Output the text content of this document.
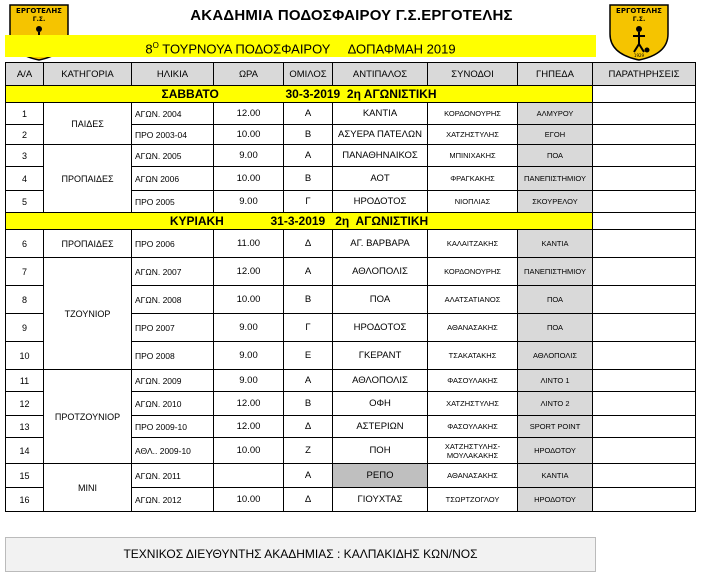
ΑΚΑΔΗΜΙΑ ΠΟΔΟΣΦΑΙΡΟΥ Γ.Σ.ΕΡΓΟΤΕΛΗΣ
ΕΡΓΟΤΕΛΗΣ
Γ.Σ.
ΕΡΓΟΤΕΛΗΣ
Γ.Σ.
1929
$8^O$ ΤΟΥΡΝΟΥΑ ΠΟΔΟΣΦΑΙΡΟΥ     ΔΟΠΑΦΜΑΗ 2019
Α/Α	ΚΑΤΗΓΟΡΙΑ	ΗΛΙΚΙΑ	ΩΡΑ	ΟΜΙΛΟΣ	ΑΝΤΙΠΑΛΟΣ	ΣΥΝΟΔΟΙ	ΓΗΠΕΔΑ	ΠΑΡΑΤΗΡΗΣΕΙΣ
ΣΑΒΒΑΤΟ                    30-3-2019  2η ΑΓΩΝΙΣΤΙΚΗ								
1	ΠΑΙΔΕΣ	ΑΓΩΝ. 2004	12.00	Α	ΚΑΝΤΙΑ	ΚΟΡΔΟΝΟΥΡΗΣ	ΑΛΜΥΡΟΥ	
2		ΠΡΟ 2003-04	10.00	Β	ΑΣΥΕΡΑ ΠΑΤΕΛΩΝ	ΧΑΤΖΗΣΤΥΛΗΣ	ΕΓΟΗ	
3	ΠΡΟΠΑΙΔΕΣ	ΑΓΩΝ. 2005	9.00	Α	ΠΑΝΑΘΗΝΑΙΚΟΣ	ΜΠΙΝΙΧΑΚΗΣ	ΠΟΑ	
4		ΑΓΩΝ 2006	10.00	Β	ΑΟΤ	ΦΡΑΓΚΑΚΗΣ	ΠΑΝΕΠΙΣΤΗΜΙΟΥ	
5		ΠΡΟ 2005	9.00	Γ	ΗΡΟΔΟΤΟΣ	ΝΙΟΠΛΙΑΣ	ΣΚΟΥΡΕΛΟΥ	
ΚΥΡΙΑΚΗ              31-3-2019   2η  ΑΓΩΝΙΣΤΙΚΗ								
6	ΠΡΟΠΑΙΔΕΣ	ΠΡΟ 2006	11.00	Δ	ΑΓ. ΒΑΡΒΑΡΑ	ΚΑΛΑΙΤΖΑΚΗΣ	ΚΑΝΤΙΑ	
7	ΤΖΟΥΝΙΟΡ	ΑΓΩΝ. 2007	12.00	Α	ΑΘΛΟΠΟΛΙΣ	ΚΟΡΔΟΝΟΥΡΗΣ	ΠΑΝΕΠΙΣΤΗΜΙΟΥ	
8		ΑΓΩΝ. 2008	10.00	Β	ΠΟΑ	ΑΛΑΤΣΑΤΙΑΝΟΣ	ΠΟΑ	
9		ΠΡΟ 2007	9.00	Γ	ΗΡΟΔΟΤΟΣ	ΑΘΑΝΑΣΑΚΗΣ	ΠΟΑ	
10		ΠΡΟ 2008	9.00	Ε	ΓΚΕΡΑΝΤ	ΤΣΑΚΑΤΑΚΗΣ	ΑΘΛΟΠΟΛΙΣ	
11	ΠΡΟΤΖΟΥΝΙΟΡ	ΑΓΩΝ. 2009	9.00	Α	ΑΘΛΟΠΟΛΙΣ	ΦΑΣΟΥΛΑΚΗΣ	ΛΙΝΤΟ 1	
12		ΑΓΩΝ. 2010	12.00	Β	ΟΦΗ	ΧΑΤΖΗΣΤΥΛΗΣ	ΛΙΝΤΟ 2	
13		ΠΡΟ 2009-10	12.00	Δ	ΑΣΤΕΡΙΩΝ	ΦΑΣΟΥΛΑΚΗΣ	SPORT POINT	
14		ΑΘΛ.. 2009-10	10.00	Ζ	ΠΟΗ	ΧΑΤΖΗΣΤΥΛΗΣ-ΜΟΥΛΑΚΑΚΗΣ	ΗΡΟΔΟΤΟΥ	
15	ΜΙΝΙ	ΑΓΩΝ. 2011		Α	ΡΕΠΟ	ΑΘΑΝΑΣΑΚΗΣ	ΚΑΝΤΙΑ	
16		ΑΓΩΝ. 2012	10.00	Δ	ΓΙΟΥΧΤΑΣ	ΤΣΩΡΤΖΟΓΛΟΥ	ΗΡΟΔΟΤΟΥ	
ΤΕΧΝΙΚΟΣ ΔΙΕΥΘΥΝΤΗΣ ΑΚΑΔΗΜΙΑΣ : ΚΑΛΠΑΚΙΔΗΣ ΚΩΝ/ΝΟΣ
